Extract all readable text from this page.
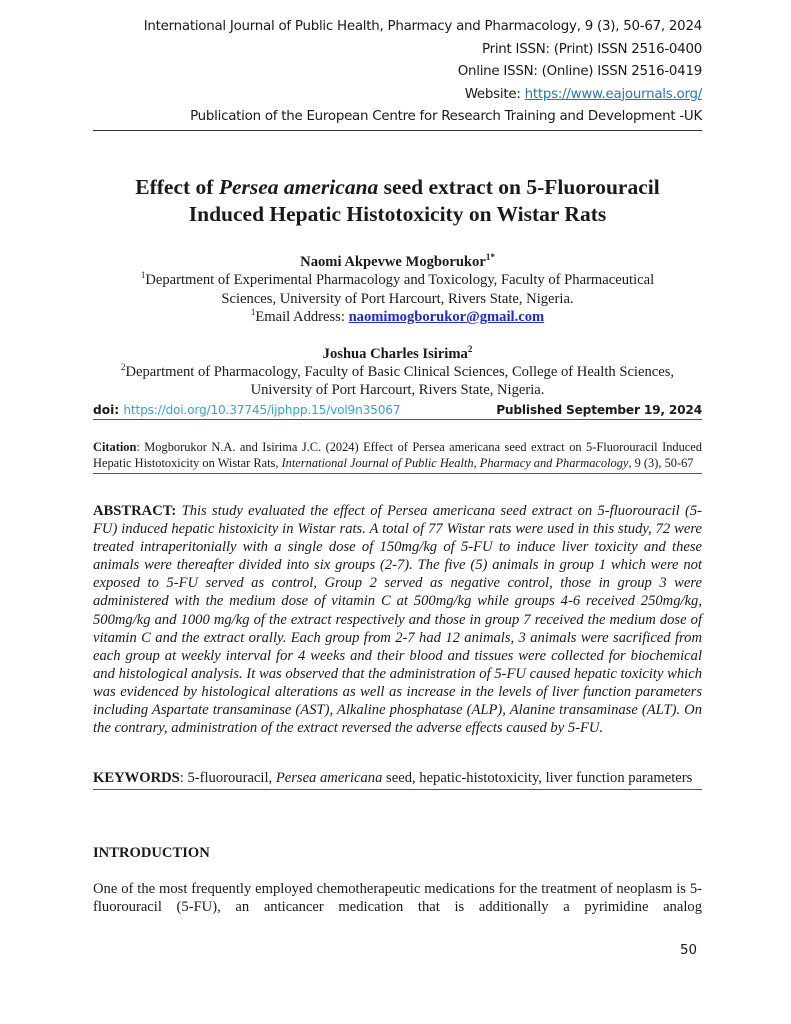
International Journal of Public Health, Pharmacy and Pharmacology, 9 (3), 50-67, 2024
Print ISSN: (Print) ISSN 2516-0400
Online ISSN: (Online) ISSN 2516-0419
Website: https://www.eajournals.org/
Publication of the European Centre for Research Training and Development -UK
Effect of Persea americana seed extract on 5-Fluorouracil
Induced Hepatic Histotoxicity on Wistar Rats
Naomi Akpevwe Mogborukor$^{1*}$
$^1$Department of Experimental Pharmacology and Toxicology, Faculty of Pharmaceutical
Sciences, University of Port Harcourt, Rivers State, Nigeria.
$^1$Email Address: naomimogborukor@gmail.com
Joshua Charles Isirima$^2$
$^2$Department of Pharmacology, Faculty of Basic Clinical Sciences, College of Health Sciences,
University of Port Harcourt, Rivers State, Nigeria.
doi: https://doi.org/10.37745/ijphpp.15/vol9n35067	Published September 19, 2024
Citation: Mogborukor N.A. and Isirima J.C. (2024) Effect of Persea americana seed extract on 5-Fluorouracil Induced Hepatic Histotoxicity on Wistar Rats, International Journal of Public Health, Pharmacy and Pharmacology, 9 (3), 50-67
ABSTRACT: This study evaluated the effect of Persea americana seed extract on 5-fluorouracil (5-FU) induced hepatic histoxicity in Wistar rats. A total of 77 Wistar rats were used in this study, 72 were treated intraperitonially with a single dose of 150mg/kg of 5-FU to induce liver toxicity and these animals were thereafter divided into six groups (2-7). The five (5) animals in group 1 which were not exposed to 5-FU served as control, Group 2 served as negative control, those in group 3 were administered with the medium dose of vitamin C at 500mg/kg while groups 4-6 received 250mg/kg, 500mg/kg and 1000 mg/kg of the extract respectively and those in group 7 received the medium dose of vitamin C and the extract orally. Each group from 2-7 had 12 animals, 3 animals were sacrificed from each group at weekly interval for 4 weeks and their blood and tissues were collected for biochemical and histological analysis. It was observed that the administration of 5-FU caused hepatic toxicity which was evidenced by histological alterations as well as increase in the levels of liver function parameters including Aspartate transaminase (AST), Alkaline phosphatase (ALP), Alanine transaminase (ALT). On the contrary, administration of the extract reversed the adverse effects caused by 5-FU.
KEYWORDS: 5-fluorouracil, Persea americana seed, hepatic-histotoxicity, liver function parameters
INTRODUCTION
One of the most frequently employed chemotherapeutic medications for the treatment of neoplasm is 5-fluorouracil (5-FU), an anticancer medication that is additionally a pyrimidine analog
50
